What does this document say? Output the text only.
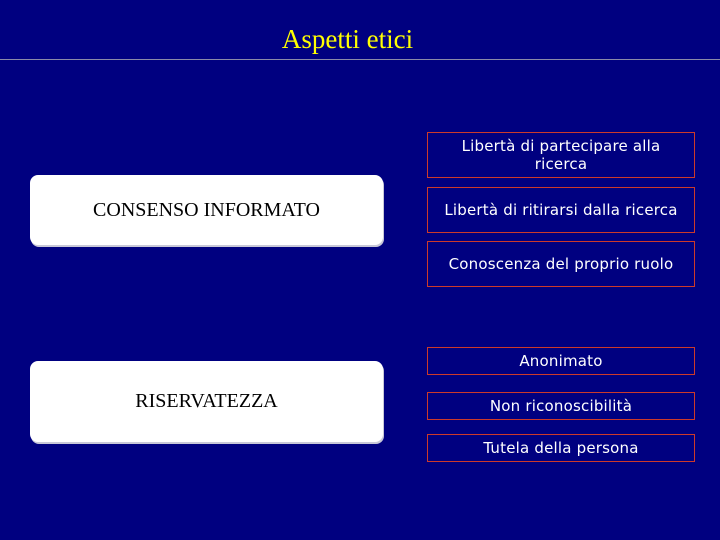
Aspetti etici
CONSENSO INFORMATO
Libertà di partecipare alla ricerca
Libertà di ritirarsi dalla ricerca
Conoscenza del proprio ruolo
RISERVATEZZA
Anonimato
Non riconoscibilità
Tutela della persona
